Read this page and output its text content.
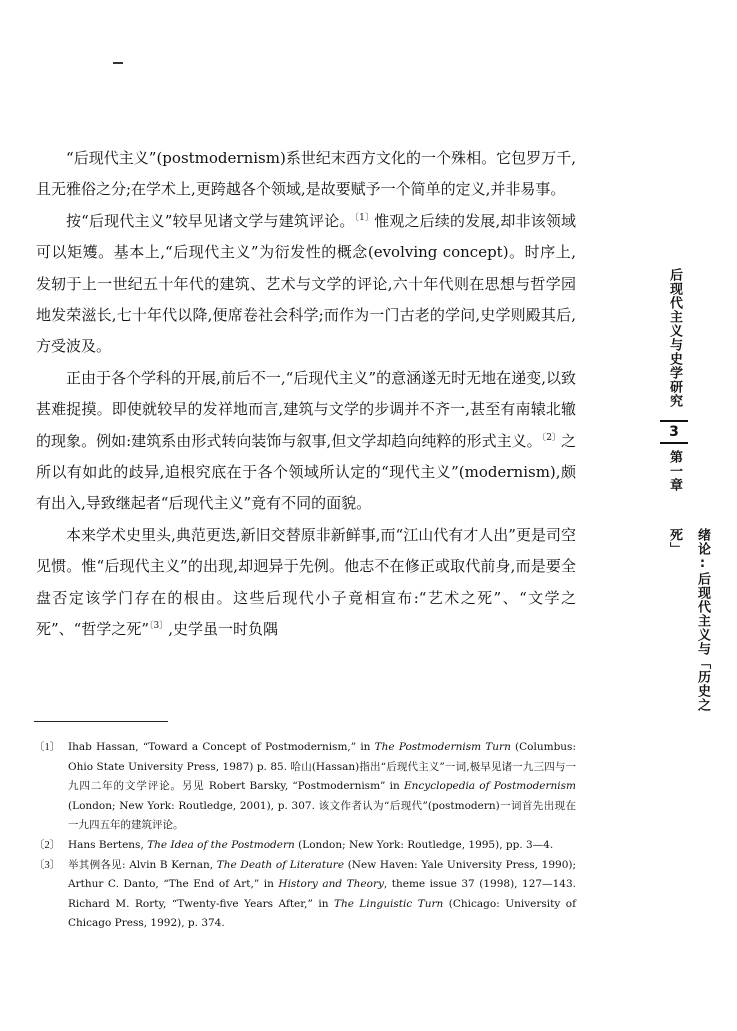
“后现代主义”(postmodernism)系世纪末西方文化的一个殊相。它包罗万千,且无雅俗之分;在学术上,更跨越各个领域,是故要赋予一个简单的定义,并非易事。

按“后现代主义”较早见诸文学与建筑评论。$^{〔1〕}$惟观之后续的发展,却非该领域可以矩矱。基本上,“后现代主义”为衍发性的概念(evolving concept)。时序上,发轫于上一世纪五十年代的建筑、艺术与文学的评论,六十年代则在思想与哲学园地发荣滋长,七十年代以降,便席卷社会科学;而作为一门古老的学问,史学则殿其后,方受波及。

正由于各个学科的开展,前后不一,“后现代主义”的意涵遂无时无地在递变,以致甚难捉摸。即使就较早的发祥地而言,建筑与文学的步调并不齐一,甚至有南辕北辙的现象。例如:建筑系由形式转向装饰与叙事,但文学却趋向纯粹的形式主义。$^{〔2〕}$之所以有如此的歧异,追根究底在于各个领域所认定的“现代主义”(modernism),颇有出入,导致继起者“后现代主义”竟有不同的面貌。

本来学术史里头,典范更迭,新旧交替原非新鲜事,而“江山代有才人出”更是司空见惯。惟“后现代主义”的出现,却迥异于先例。他志不在修正或取代前身,而是要全盘否定该学门存在的根由。这些后现代小子竟相宣布:“艺术之死”、“文学之死”、“哲学之死”$^{〔3〕}$,史学虽一时负隅

〔1〕 Ihab Hassan, “Toward a Concept of Postmodernism,” in The Postmodernism Turn (Columbus: Ohio State University Press, 1987) p. 85. 哈山(Hassan)指出“后现代主义”一词,极早见诸一九三四与一九四二年的文学评论。另见 Robert Barsky, “Postmodernism” in Encyclopedia of Postmodernism (London; New York: Routledge, 2001), p. 307. 该文作者认为“后现代”(postmodern)一词首先出现在一九四五年的建筑评论。
〔2〕 Hans Bertens, The Idea of the Postmodern (London; New York: Routledge, 1995), pp. 3—4.
〔3〕 举其例各见: Alvin B Kernan, The Death of Literature (New Haven: Yale University Press, 1990); Arthur C. Danto, “The End of Art,” in History and Theory, theme issue 37 (1998), 127—143. Richard M. Rorty, “Twenty-five Years After,” in The Linguistic Turn (Chicago: University of Chicago Press, 1992), p. 374.
后现代主义与史学研究
3
第一章
绪论:后现代主义与「历史之死」
